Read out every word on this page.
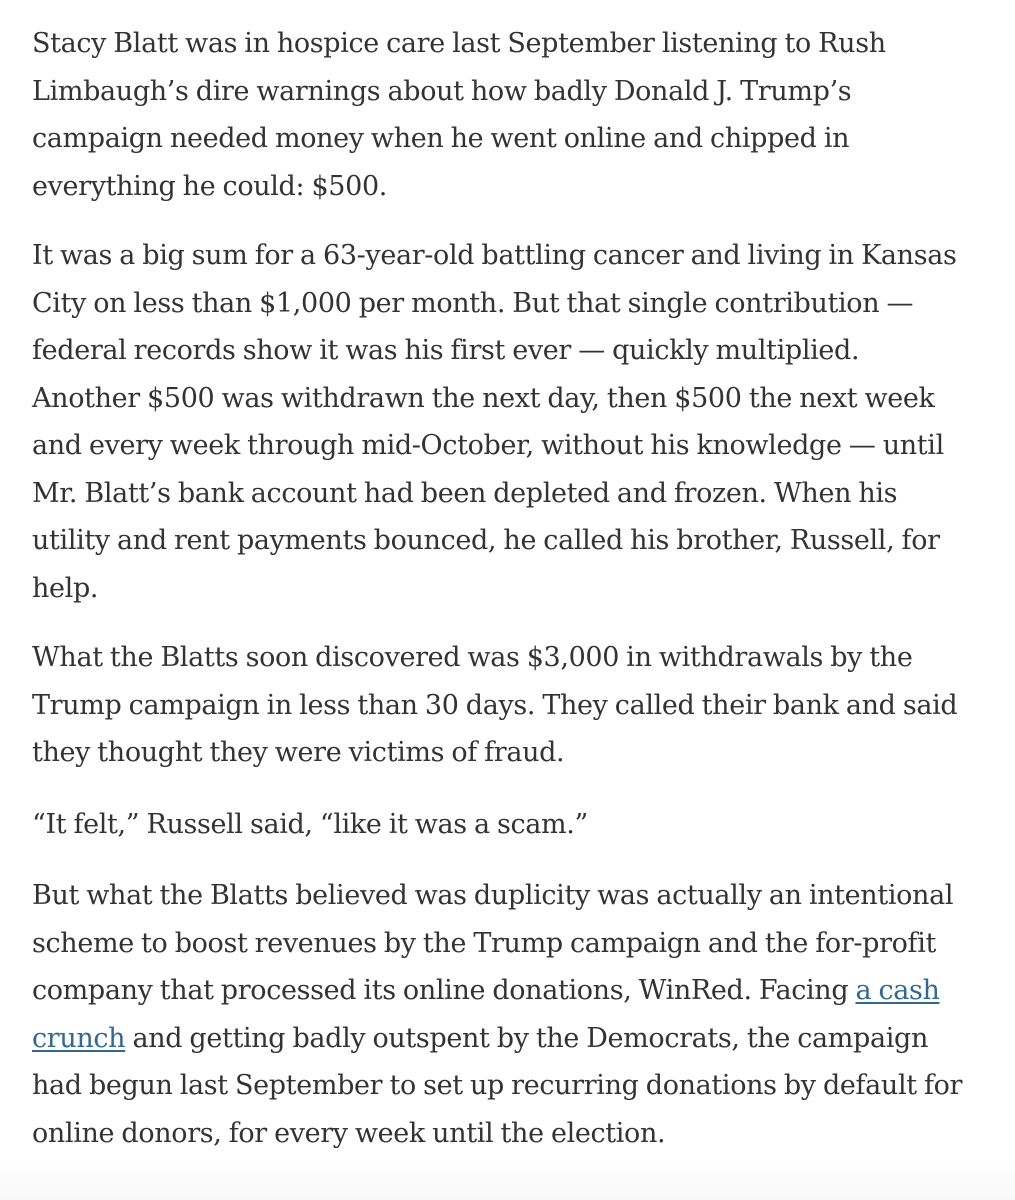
Stacy Blatt was in hospice care last September listening to Rush Limbaugh’s dire warnings about how badly Donald J. Trump’s campaign needed money when he went online and chipped in everything he could: $500.

It was a big sum for a 63-year-old battling cancer and living in Kansas City on less than $1,000 per month. But that single contribution — federal records show it was his first ever — quickly multiplied. Another $500 was withdrawn the next day, then $500 the next week and every week through mid-October, without his knowledge — until Mr. Blatt’s bank account had been depleted and frozen. When his utility and rent payments bounced, he called his brother, Russell, for help.

What the Blatts soon discovered was $3,000 in withdrawals by the Trump campaign in less than 30 days. They called their bank and said they thought they were victims of fraud.

“It felt,” Russell said, “like it was a scam.”

But what the Blatts believed was duplicity was actually an intentional scheme to boost revenues by the Trump campaign and the for-profit company that processed its online donations, WinRed. Facing a cash crunch and getting badly outspent by the Democrats, the campaign had begun last September to set up recurring donations by default for online donors, for every week until the election.
